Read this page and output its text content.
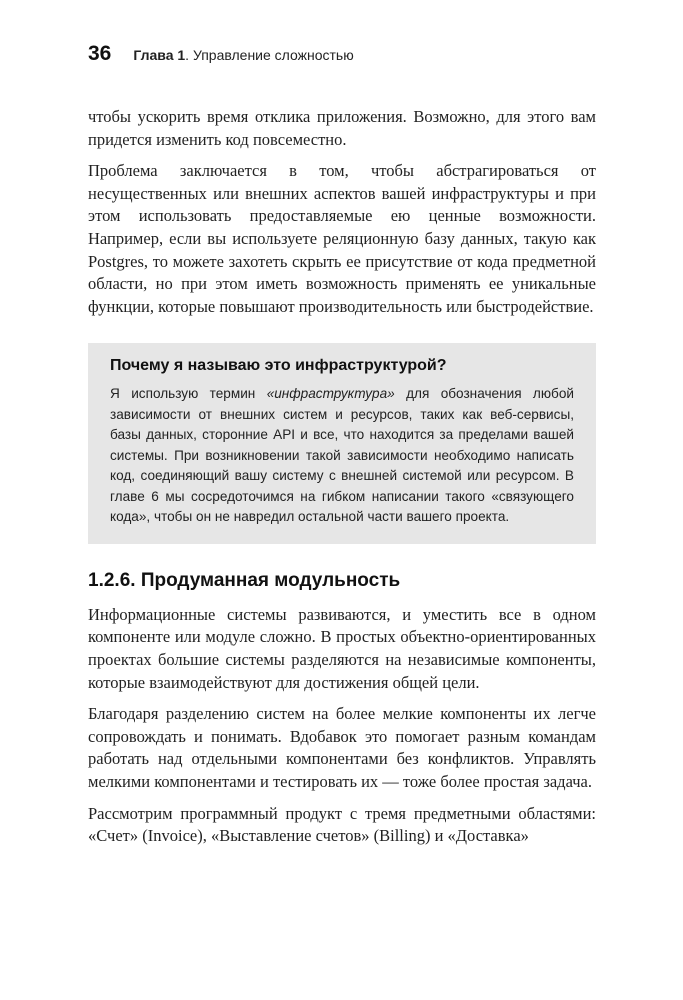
36 Глава 1. Управление сложностью

чтобы ускорить время отклика приложения. Возможно, для этого вам придется изменить код повсеместно.

Проблема заключается в том, чтобы абстрагироваться от несущественных или внешних аспектов вашей инфраструктуры и при этом использовать предоставляемые ею ценные возможности. Например, если вы используете реляционную базу данных, такую как Postgres, то можете захотеть скрыть ее присутствие от кода предметной области, но при этом иметь возможность применять ее уникальные функции, которые повышают производительность или быстродействие.

Почему я называю это инфраструктурой?

Я использую термин «инфраструктура» для обозначения любой зависимости от внешних систем и ресурсов, таких как веб-сервисы, базы данных, сторонние API и все, что находится за пределами вашей системы. При возникновении такой зависимости необходимо написать код, соединяющий вашу систему с внешней системой или ресурсом. В главе 6 мы сосредоточимся на гибком написании такого «связующего кода», чтобы он не навредил остальной части вашего проекта.

1.2.6. Продуманная модульность

Информационные системы развиваются, и уместить все в одном компоненте или модуле сложно. В простых объектно-ориентированных проектах большие системы разделяются на независимые компоненты, которые взаимодействуют для достижения общей цели.

Благодаря разделению систем на более мелкие компоненты их легче сопровождать и понимать. Вдобавок это помогает разным командам работать над отдельными компонентами без конфликтов. Управлять мелкими компонентами и тестировать их — тоже более простая задача.

Рассмотрим программный продукт с тремя предметными областями: «Счет» (Invoice), «Выставление счетов» (Billing) и «Доставка»
